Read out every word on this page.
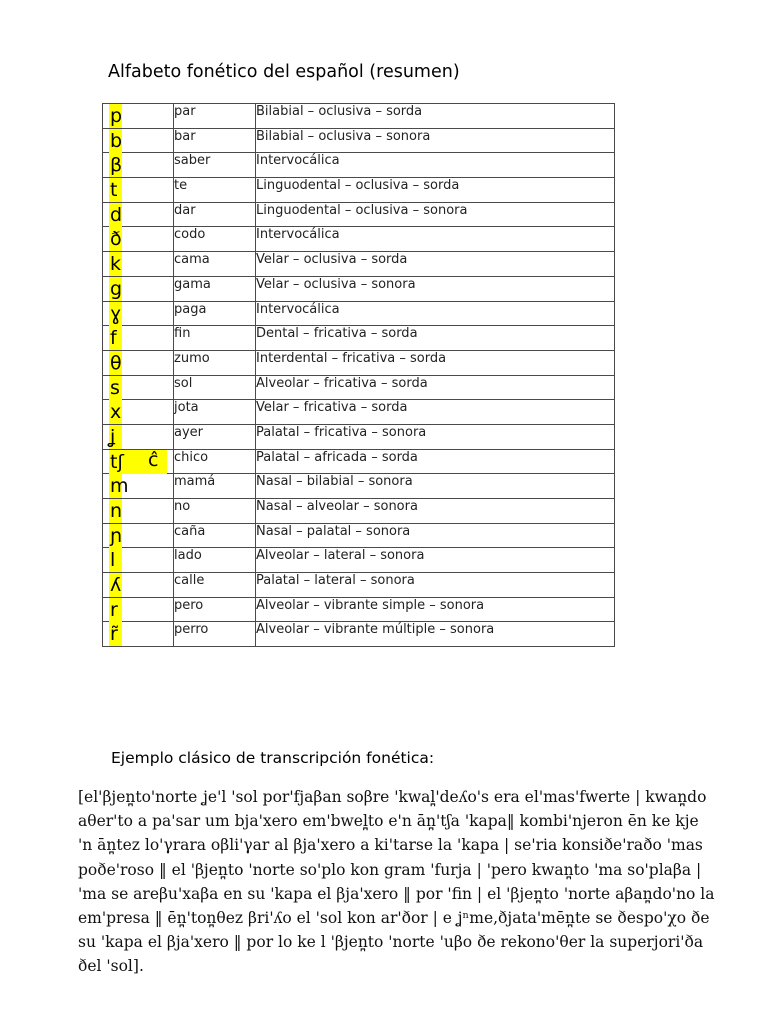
Alfabeto fonético del español (resumen)
p	par	Bilabial – oclusiva – sorda

b	bar	Bilabial – oclusiva – sonora

β	saber	Intervocálica

t	te	Linguodental – oclusiva – sorda

d	dar	Linguodental – oclusiva – sonora

ð	codo	Intervocálica

k	cama	Velar – oclusiva – sorda

g	gama	Velar – oclusiva – sonora

ɣ	paga	Intervocálica

f	fin	Dental – fricativa – sorda

θ	zumo	Interdental – fricativa – sorda

s	sol	Alveolar – fricativa – sorda

x	jota	Velar – fricativa – sorda

ʝ	ayer	Palatal – fricativa – sonora

tʃ ĉ	chico	Palatal – africada – sorda

m	mamá	Nasal – bilabial – sonora

n	no	Nasal – alveolar – sonora

ɲ	caña	Nasal – palatal – sonora

l	lado	Alveolar – lateral – sonora

ʎ	calle	Palatal – lateral – sonora

r	pero	Alveolar – vibrante simple – sonora

r̃	perro	Alveolar – vibrante múltiple – sonora
Ejemplo clásico de transcripción fonética:
[el'βjen̪to'norte ʝe'l 'sol por'fjaβan soβre 'kwal̪'deʎo's era el'mas'fwerte | kwan̪do
aθer'to a pa'sar um bja'xero em'bwel̪to e'n ān̪'tʃa 'kapa‖ kombi'njeron ēn ke kje
'n ān̪tez lo'γrara oβli'γar al βja'xero a ki'tarse la 'kapa | se'ria konsiðe'raðo 'mas
poðe'roso ‖ el 'βjen̪to 'norte so'plo kon gram 'furja | 'pero kwan̪to 'ma so'plaβa |
'ma se areβu'xaβa en su 'kapa el βja'xero ‖ por 'fin | el 'βjen̪to 'norte aβan̪do'no la
em'presa ‖ ēn̪'ton̪θez βri'ʎo el 'sol kon ar'ðor | e ʝⁿme,ðjata'mēn̪te se ðespo'χo ðe
su 'kapa el βja'xero ‖ por lo ke l 'βjen̪to 'norte 'uβo ðe rekono'θer la superjori'ða
ðel 'sol].
